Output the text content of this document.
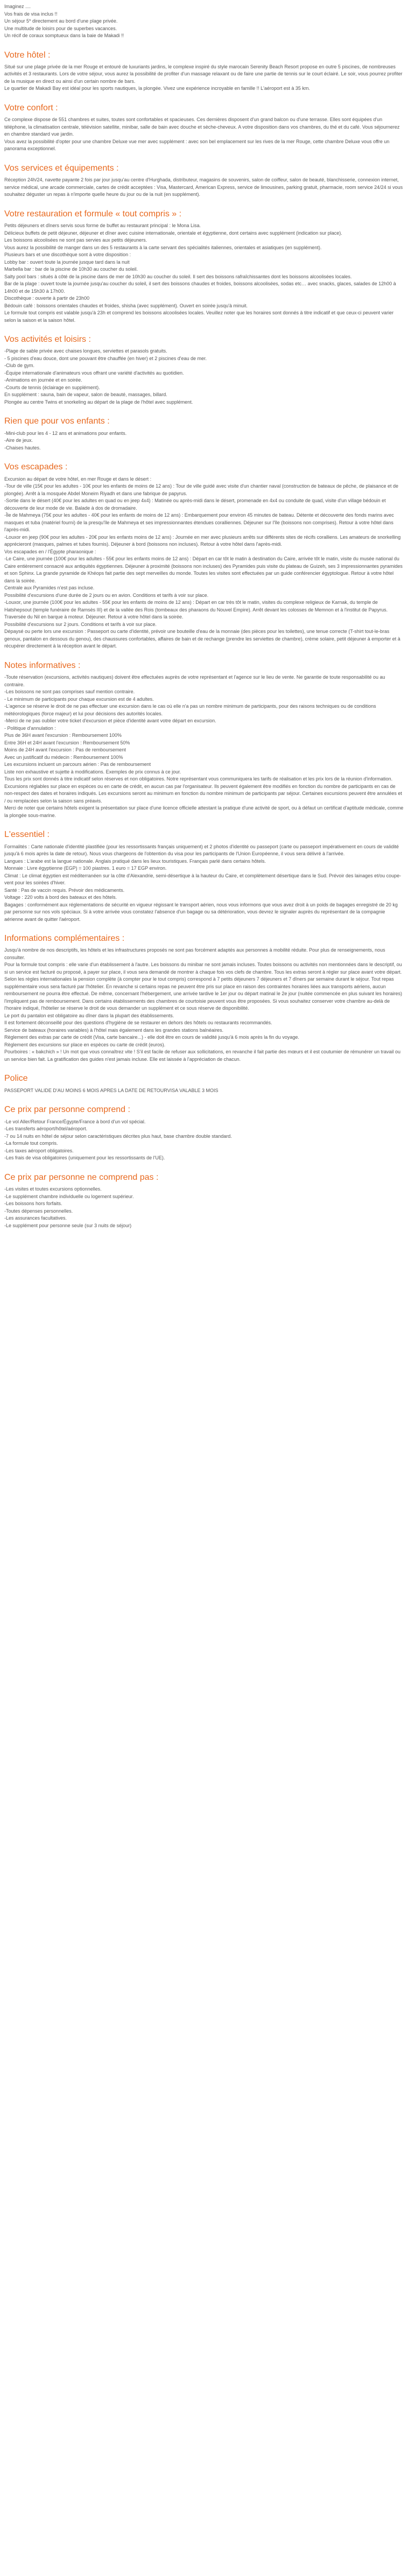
Imaginez ....

Vos frais de visa inclus !!

Un séjour 5* directement au bord d'une plage privée.

Une multitude de loisirs pour de superbes vacances.

Un récif de coraux somptueux dans la baie de Makadi !!

Votre hôtel :

Situé sur une plage privée de la mer Rouge et entouré de luxuriants jardins, le complexe inspiré du style marocain Serenity Beach Resort propose en outre 5 piscines, de nombreuses activités et 3 restaurants. Lors de votre séjour, vous aurez la possibilité de profiter d'un massage relaxant ou de faire une partie de tennis sur le court éclairé. Le soir, vous pourrez profiter de la musique en direct ou ainsi d'un certain nombre de bars.

Le quartier de Makadi Bay est idéal pour les sports nautiques, la plongée. Vivez une expérience incroyable en famille !! L'aéroport est à 35 km.

Votre confort :

Ce complexe dispose de 551 chambres et suites, toutes sont confortables et spacieuses. Ces dernières disposent d'un grand balcon ou d'une terrasse. Elles sont équipées d'un téléphone, la climatisation centrale, télévision satellite, minibar, salle de bain avec douche et sèche-cheveux. A votre disposition dans vos chambres, du thé et du café. Vous séjournerez en chambre standard vue jardin.

Vous avez la possibilité d'opter pour une chambre Deluxe vue mer avec supplément : avec son bel emplacement sur les rives de la mer Rouge, cette chambre Deluxe vous offre un panorama exceptionnel.

Vos services et équipements :

Réception 24h/24, navette payante 2 fois par jour jusqu'au centre d'Hurghada, distributeur, magasins de souvenirs, salon de coiffeur, salon de beauté, blanchisserie, connexion internet, service médical, une arcade commerciale, cartes de crédit acceptées : Visa, Mastercard, American Express, service de limousines, parking gratuit, pharmacie, room service 24/24 si vous souhaitez déguster un repas à n'importe quelle heure du jour ou de la nuit (en supplément).

Votre restauration et formule « tout compris » :

Petits déjeuners et dîners servis sous forme de buffet au restaurant principal : le Mona Lisa.

Délicieux buffets de petit déjeuner, déjeuner et dîner avec cuisine internationale, orientale et égyptienne, dont certains avec supplément (indication sur place).

Les boissons alcoolisées ne sont pas servies aux petits déjeuners.

Vous aurez la possibilité de manger dans un des 5 restaurants à la carte servant des spécialités italiennes, orientales et asiatiques (en supplément).

Plusieurs bars et une discothèque sont à votre disposition :

Lobby bar : ouvert toute la journée jusque tard dans la nuit

Marbella bar : bar de la piscine de 10h30 au coucher du soleil.

Salty pool bars : situés à côté de la piscine dans de mer de 10h30 au coucher du soleil. Il sert des boissons rafraîchissantes dont les boissons alcoolisées locales.

Bar de la plage : ouvert toute la journée jusqu'au coucher du soleil, il sert des boissons chaudes et froides, boissons alcoolisées, sodas etc… avec snacks, glaces, salades de 12h00 à 14h00 et de 15h30 à 17h00.

Discothèque : ouverte à partir de 23h00

Bédouin café : boissons orientales chaudes et froides, shisha (avec supplément). Ouvert en soirée jusqu'à minuit.

Le formule tout compris est valable jusqu'à 23h et comprend les boissons alcoolisées locales. Veuillez noter que les horaires sont donnés à titre indicatif et que ceux-ci peuvent varier selon la saison et la saison hôtel.

Vos activités et loisirs :

-Plage de sable privée avec chaises longues, serviettes et parasols gratuits.

- 5 piscines d'eau douce, dont une pouvant être chauffée (en hiver) et 2 piscines d'eau de mer.

-Club de gym.

-Équipe internationale d'animateurs vous offrant une variété d'activités au quotidien.

-Animations en journée et en soirée.

-Courts de tennis (éclairage en supplément).

En supplément : sauna, bain de vapeur, salon de beauté, massages, billard.

Plongée au centre Twins et snorkeling au départ de la plage de l'hôtel avec supplément.

Rien que pour vos enfants :

-Mini-club pour les 4 - 12 ans et animations pour enfants.

-Aire de jeux.

-Chaises hautes.

Vos escapades :

Excursion au départ de votre hôtel, en mer Rouge et dans le désert :

-Tour de ville (15€ pour les adultes - 10€ pour les enfants de moins de 12 ans) : Tour de ville guidé avec visite d'un chantier naval (construction de bateaux de pêche, de plaisance et de plongée). Arrêt à la mosquée Abdel Moneim Riyadh et dans une fabrique de papyrus.

-Sortie dans le désert (40€ pour les adultes en quad ou en jeep 4x4) : Matinée ou après-midi dans le désert, promenade en 4x4 ou conduite de quad, visite d'un village bédouin et découverte de leur mode de vie. Balade à dos de dromadaire.

-Île de Mahmeya (75€ pour les adultes - 40€ pour les enfants de moins de 12 ans) : Embarquement pour environ 45 minutes de bateau. Détente et découverte des fonds marins avec masques et tuba (matériel fourni) de la presqu'île de Mahmeya et ses impressionnantes étendues coralliennes. Déjeuner sur l'île (boissons non comprises). Retour à votre hôtel dans l'après-midi.

-Louxor en jeep (90€ pour les adultes - 20€ pour les enfants moins de 12 ans) : Journée en mer avec plusieurs arrêts sur différents sites de récifs coralliens. Les amateurs de snorkelling apprécieront (masques, palmes et tubes fournis). Déjeuner à bord (boissons non incluses). Retour à votre hôtel dans l'après-midi.

Vos escapades en / l'Égypte pharaonique :

-Le Caire, une journée (100€ pour les adultes - 55€ pour les enfants moins de 12 ans) : Départ en car tôt le matin à destination du Caire, arrivée tôt le matin, visite du musée national du Caire entièrement consacré aux antiquités égyptiennes. Déjeuner à proximité (boissons non incluses) des Pyramides puis visite du plateau de Guizeh, ses 3 impressionnantes pyramides et son Sphinx. La grande pyramide de Khéops fait partie des sept merveilles du monde. Toutes les visites sont effectuées par un guide conférencier égyptologue. Retour à votre hôtel dans la soirée.

Centrale aux Pyramides n'est pas incluse.

Possibilité d'excursions d'une durée de 2 jours ou en avion. Conditions et tarifs à voir sur place.

-Louxor, une journée (100€ pour les adultes - 55€ pour les enfants de moins de 12 ans) : Départ en car très tôt le matin, visites du complexe religieux de Karnak, du temple de Hatshepsout (temple funéraire de Ramsès III) et de la vallée des Rois (tombeaux des pharaons du Nouvel Empire). Arrêt devant les colosses de Memnon et à l'institut de Papyrus. Traversée du Nil en barque à moteur. Déjeuner. Retour à votre hôtel dans la soirée.

Possibilité d'excursions sur 2 jours. Conditions et tarifs à voir sur place.

Dépaysé ou perte lors une excursion : Passeport ou carte d'identité, prévoir une bouteille d'eau de la monnaie (des pièces pour les toilettes), une tenue correcte (T-shirt tout-le-bras genoux, pantalon en dessous du genou), des chaussures confortables, affaires de bain et de rechange (prendre les serviettes de chambre), crème solaire, petit déjeuner à emporter et à récupérer directement à la réception avant le départ.

Notes informatives :

-Toute réservation (excursions, activités nautiques) doivent être effectuées auprès de votre représentant et l'agence sur le lieu de vente. Ne garantie de toute responsabilité ou au contraire.

-Les boissons ne sont pas comprises sauf mention contraire.

- Le minimum de participants pour chaque excursion est de 4 adultes.

-L'agence se réserve le droit de ne pas effectuer une excursion dans le cas où elle n'a pas un nombre minimum de participants, pour des raisons techniques ou de conditions météorologiques (force majeur) et lui pour décisions des autorités locales.

-Merci de ne pas oublier votre ticket d'excursion et pièce d'identité avant votre départ en excursion.

- Politique d'annulation :

Plus de 36H avant l'excursion : Remboursement 100%

Entre 36H et 24H avant l'excursion : Remboursement 50%

Moins de 24H avant l'excursion : Pas de remboursement

Avec un justificatif du médecin : Remboursement 100%

Les excursions incluent un parcours aérien : Pas de remboursement

Liste non exhaustive et sujette à modifications. Exemples de prix connus à ce jour.

Tous les prix sont donnés à titre indicatif selon réserves et non obligatoires. Notre représentant vous communiquera les tarifs de réalisation et les prix lors de la réunion d'information. Excursions réglables sur place en espèces ou en carte de crédit, en aucun cas par l'organisateur. Ils peuvent également être modifiés en fonction du nombre de participants en cas de non-respect des dates et horaires indiqués. Les excursions seront au minimum en fonction du nombre minimum de participants par séjour. Certaines excursions peuvent être annulées et / ou remplacées selon la saison sans préavis.

Merci de noter que certains hôtels exigent la présentation sur place d'une licence officielle attestant la pratique d'une activité de sport, ou à défaut un certificat d'aptitude médicale, comme la plongée sous-marine.

L'essentiel :

Formalités : Carte nationale d'identité plastifiée (pour les ressortissants français uniquement) et 2 photos d'identité ou passeport (carte ou passeport impérativement en cours de validité jusqu'à 6 mois après la date de retour). Nous vous chargeons de l'obtention du visa pour les participants de l'Union Européenne, il vous sera délivré à l'arrivée.

Langues : L'arabe est la langue nationale. Anglais pratiqué dans les lieux touristiques. Français parlé dans certains hôtels.

Monnaie : Livre égyptienne (EGP) = 100 piastres. 1 euro = 17 EGP environ.

Climat : Le climat égyptien est méditerranéen sur la côte d'Alexandrie, semi-désertique à la hauteur du Caire, et complètement désertique dans le Sud. Prévoir des lainages et/ou coupe-vent pour les soirées d'hiver.

Santé : Pas de vaccin requis. Prévoir des médicaments.

Voltage : 220 volts à bord des bateaux et des hôtels.

Bagages : conformément aux réglementations de sécurité en vigueur régissant le transport aérien, nous vous informons que vous avez droit à un poids de bagages enregistré de 20 kg par personne sur nos vols spéciaux. Si à votre arrivée vous constatez l'absence d'un bagage ou sa détérioration, vous devrez le signaler auprès du représentant de la compagnie aérienne avant de quitter l'aéroport.

Informations complémentaires :

Jusqu'à nombre de nos descriptifs, les hôtels et les infrastructures proposés ne sont pas forcément adaptés aux personnes à mobilité réduite. Pour plus de renseignements, nous consulter.

Pour la formule tout compris : elle varie d'un établissement à l'autre. Les boissons du minibar ne sont jamais incluses. Toutes boissons ou activités non mentionnées dans le descriptif, ou si un service est facturé ou proposé, à payer sur place, il vous sera demandé de montrer à chaque fois vos clefs de chambre. Tous les extras seront à régler sur place avant votre départ.

Selon les règles internationales la pension complète (à compter pour le tout compris) correspond à 7 petits déjeuners 7 déjeuners et 7 dîners par semaine durant le séjour. Tout repas supplémentaire vous sera facturé par l'hôtelier. En revanche si certains repas ne peuvent être pris sur place en raison des contraintes horaires liées aux transports aériens, aucun remboursement ne pourra être effectué. De même, concernant l'hébergement, une arrivée tardive le 1er jour ou départ matinal le 2e jour (nuitée commencée en plus suivant les horaires) l'impliquent pas de remboursement. Dans certains établissements des chambres de courtoisie peuvent vous être proposées. Si vous souhaitez conserver votre chambre au-delà de l'horaire indiqué, l'hôtelier se réserve le droit de vous demander un supplément et ce sous réserve de disponibilité.

Le port du pantalon est obligatoire au dîner dans la plupart des établissements.

Il est fortement déconseillé pour des questions d'hygiène de se restaurer en dehors des hôtels ou restaurants recommandés.

Service de bateaux (horaires variables) à l'hôtel mais également dans les grandes stations balnéaires.

Règlement des extras par carte de crédit (Visa, carte bancaire...) - elle doit être en cours de validité jusqu'à 6 mois après la fin du voyage.

Règlement des excursions sur place en espèces ou carte de crédit (euros).

Pourboires : « bakchich » ! Un mot que vous connaîtrez vite ! S'il est facile de refuser aux sollicitations, en revanche il fait partie des mœurs et il est coutumier de rémunérer un travail ou un service bien fait. La gratification des guides n'est jamais incluse. Elle est laissée à l'appréciation de chacun.

Police

PASSEPORT VALIDE D'AU MOINS 6 MOIS APRES LA DATE DE RETOURVISA VALABLE 3 MOIS

Ce prix par personne comprend :

-Le vol Aller/Retour France/Égypte/France à bord d'un vol spécial.

-Les transferts aéroport/hôtel/aéroport.

-7 ou 14 nuits en hôtel de séjour selon caractéristiques décrites plus haut, base chambre double standard.

-La formule tout compris.

-Les taxes aéroport obligatoires.

-Les frais de visa obligatoires (uniquement pour les ressortissants de l'UE).

Ce prix par personne ne comprend pas :

-Les visites et toutes excursions optionnelles.

-Le supplément chambre individuelle ou logement supérieur.

-Les boissons hors forfaits.

-Toutes dépenses personnelles.

-Les assurances facultatives.

-Le supplément pour personne seule (sur 3 nuits de séjour)
